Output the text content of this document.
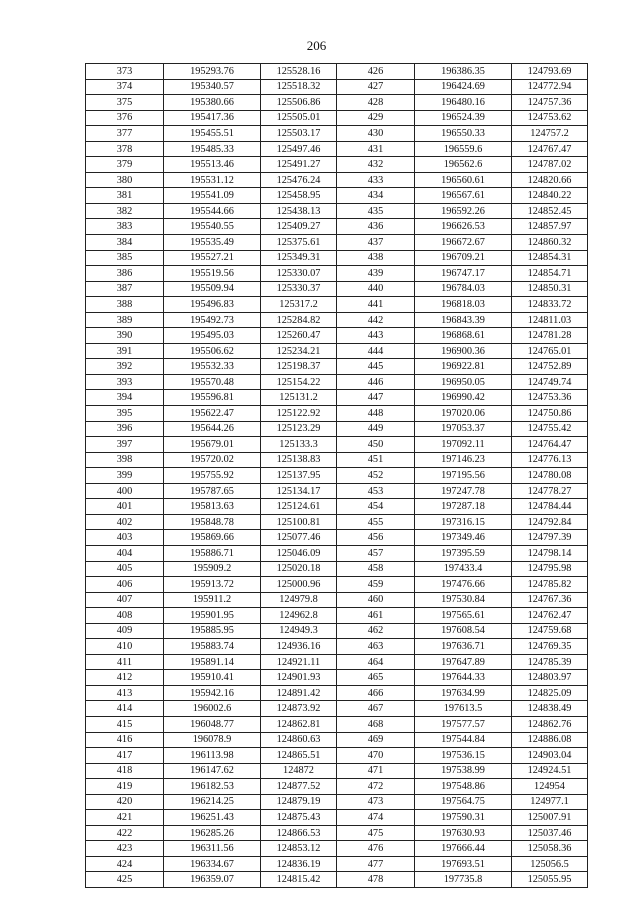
206
373	195293.76	125528.16	426	196386.35	124793.69
374	195340.57	125518.32	427	196424.69	124772.94
375	195380.66	125506.86	428	196480.16	124757.36
376	195417.36	125505.01	429	196524.39	124753.62
377	195455.51	125503.17	430	196550.33	124757.2
378	195485.33	125497.46	431	196559.6	124767.47
379	195513.46	125491.27	432	196562.6	124787.02
380	195531.12	125476.24	433	196560.61	124820.66
381	195541.09	125458.95	434	196567.61	124840.22
382	195544.66	125438.13	435	196592.26	124852.45
383	195540.55	125409.27	436	196626.53	124857.97
384	195535.49	125375.61	437	196672.67	124860.32
385	195527.21	125349.31	438	196709.21	124854.31
386	195519.56	125330.07	439	196747.17	124854.71
387	195509.94	125330.37	440	196784.03	124850.31
388	195496.83	125317.2	441	196818.03	124833.72
389	195492.73	125284.82	442	196843.39	124811.03
390	195495.03	125260.47	443	196868.61	124781.28
391	195506.62	125234.21	444	196900.36	124765.01
392	195532.33	125198.37	445	196922.81	124752.89
393	195570.48	125154.22	446	196950.05	124749.74
394	195596.81	125131.2	447	196990.42	124753.36
395	195622.47	125122.92	448	197020.06	124750.86
396	195644.26	125123.29	449	197053.37	124755.42
397	195679.01	125133.3	450	197092.11	124764.47
398	195720.02	125138.83	451	197146.23	124776.13
399	195755.92	125137.95	452	197195.56	124780.08
400	195787.65	125134.17	453	197247.78	124778.27
401	195813.63	125124.61	454	197287.18	124784.44
402	195848.78	125100.81	455	197316.15	124792.84
403	195869.66	125077.46	456	197349.46	124797.39
404	195886.71	125046.09	457	197395.59	124798.14
405	195909.2	125020.18	458	197433.4	124795.98
406	195913.72	125000.96	459	197476.66	124785.82
407	195911.2	124979.8	460	197530.84	124767.36
408	195901.95	124962.8	461	197565.61	124762.47
409	195885.95	124949.3	462	197608.54	124759.68
410	195883.74	124936.16	463	197636.71	124769.35
411	195891.14	124921.11	464	197647.89	124785.39
412	195910.41	124901.93	465	197644.33	124803.97
413	195942.16	124891.42	466	197634.99	124825.09
414	196002.6	124873.92	467	197613.5	124838.49
415	196048.77	124862.81	468	197577.57	124862.76
416	196078.9	124860.63	469	197544.84	124886.08
417	196113.98	124865.51	470	197536.15	124903.04
418	196147.62	124872	471	197538.99	124924.51
419	196182.53	124877.52	472	197548.86	124954
420	196214.25	124879.19	473	197564.75	124977.1
421	196251.43	124875.43	474	197590.31	125007.91
422	196285.26	124866.53	475	197630.93	125037.46
423	196311.56	124853.12	476	197666.44	125058.36
424	196334.67	124836.19	477	197693.51	125056.5
425	196359.07	124815.42	478	197735.8	125055.95
